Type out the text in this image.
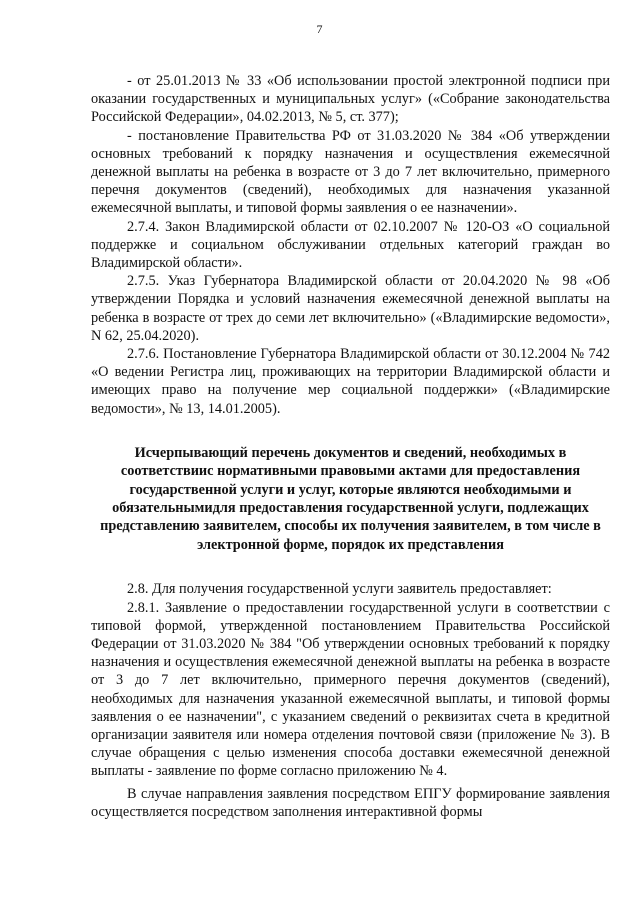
7

- от 25.01.2013 № 33 «Об использовании простой электронной подписи при оказании государственных и муниципальных услуг» («Собрание законодательства Российской Федерации», 04.02.2013, № 5, ст. 377);

- постановление Правительства РФ от 31.03.2020 № 384 «Об утверждении основных требований к порядку назначения и осуществления ежемесячной денежной выплаты на ребенка в возрасте от 3 до 7 лет включительно, примерного перечня документов (сведений), необходимых для назначения указанной ежемесячной выплаты, и типовой формы заявления о ее назначении».

2.7.4. Закон Владимирской области от 02.10.2007 № 120-ОЗ «О социальной поддержке и социальном обслуживании отдельных категорий граждан во Владимирской области».

2.7.5. Указ Губернатора Владимирской области от 20.04.2020 № 98 «Об утверждении Порядка и условий назначения ежемесячной денежной выплаты на ребенка в возрасте от трех до семи лет включительно» («Владимирские ведомости», N 62, 25.04.2020).

2.7.6. Постановление Губернатора Владимирской области от 30.12.2004 № 742 «О ведении Регистра лиц, проживающих на территории Владимирской области и имеющих право на получение мер социальной поддержки» («Владимирские ведомости», № 13, 14.01.2005).

Исчерпывающий перечень документов и сведений, необходимых в соответствиис нормативными правовыми актами для предоставления государственной услуги и услуг, которые являются необходимыми и обязательнымидля предоставления государственной услуги, подлежащих представлению заявителем, способы их получения заявителем, в том числе в электронной форме, порядок их представления

2.8. Для получения государственной услуги заявитель предоставляет:

2.8.1. Заявление о предоставлении государственной услуги в соответствии с типовой формой, утвержденной постановлением Правительства Российской Федерации от 31.03.2020 № 384 "Об утверждении основных требований к порядку назначения и осуществления ежемесячной денежной выплаты на ребенка в возрасте от 3 до 7 лет включительно, примерного перечня документов (сведений), необходимых для назначения указанной ежемесячной выплаты, и типовой формы заявления о ее назначении", с указанием сведений о реквизитах счета в кредитной организации заявителя или номера отделения почтовой связи (приложение № 3). В случае обращения с целью изменения способа доставки ежемесячной денежной выплаты - заявление по форме согласно приложению № 4.

В случае направления заявления посредством ЕПГУ формирование заявления осуществляется посредством заполнения интерактивной формы
